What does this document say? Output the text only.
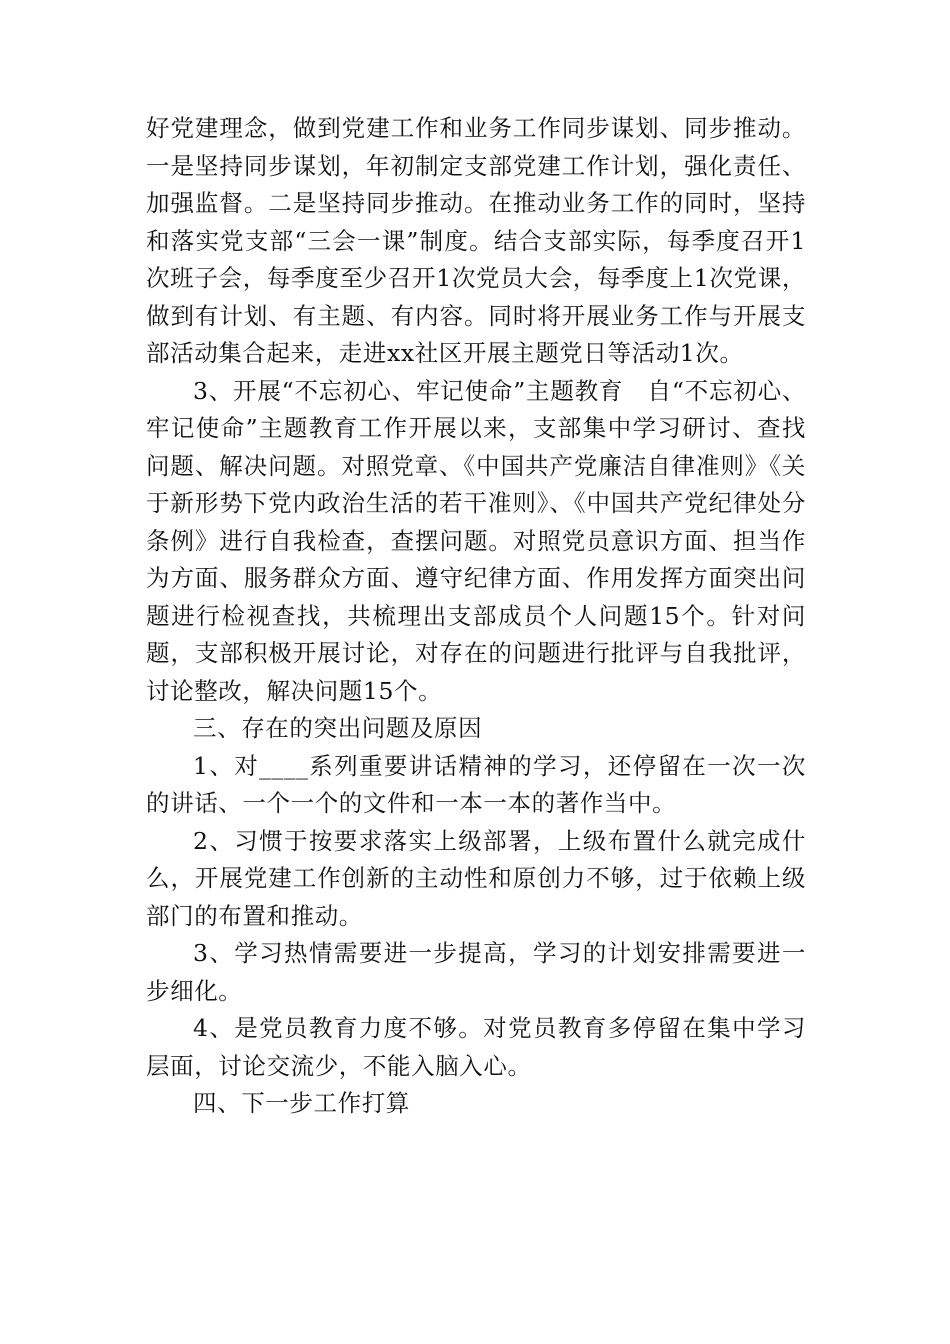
好党建理念，做到党建工作和业务工作同步谋划、同步推动。一是坚持同步谋划，年初制定支部党建工作计划，强化责任、加强监督。二是坚持同步推动。在推动业务工作的同时，坚持和落实党支部“三会一课”制度。结合支部实际，每季度召开1次班子会，每季度至少召开1次党员大会，每季度上1次党课，做到有计划、有主题、有内容。同时将开展业务工作与开展支部活动集合起来，走进xx社区开展主题党日等活动1次。

3、开展“不忘初心、牢记使命”主题教育　自“不忘初心、牢记使命”主题教育工作开展以来，支部集中学习研讨、查找问题、解决问题。对照党章、《中国共产党廉洁自律准则》《关于新形势下党内政治生活的若干准则》、《中国共产党纪律处分条例》进行自我检查，查摆问题。对照党员意识方面、担当作为方面、服务群众方面、遵守纪律方面、作用发挥方面突出问题进行检视查找，共梳理出支部成员个人问题15个。针对问题，支部积极开展讨论，对存在的问题进行批评与自我批评，讨论整改，解决问题15个。

三、存在的突出问题及原因

1、对____系列重要讲话精神的学习，还停留在一次一次的讲话、一个一个的文件和一本一本的著作当中。

2、习惯于按要求落实上级部署，上级布置什么就完成什么，开展党建工作创新的主动性和原创力不够，过于依赖上级部门的布置和推动。

3、学习热情需要进一步提高，学习的计划安排需要进一步细化。

4、是党员教育力度不够。对党员教育多停留在集中学习层面，讨论交流少，不能入脑入心。

四、下一步工作打算
